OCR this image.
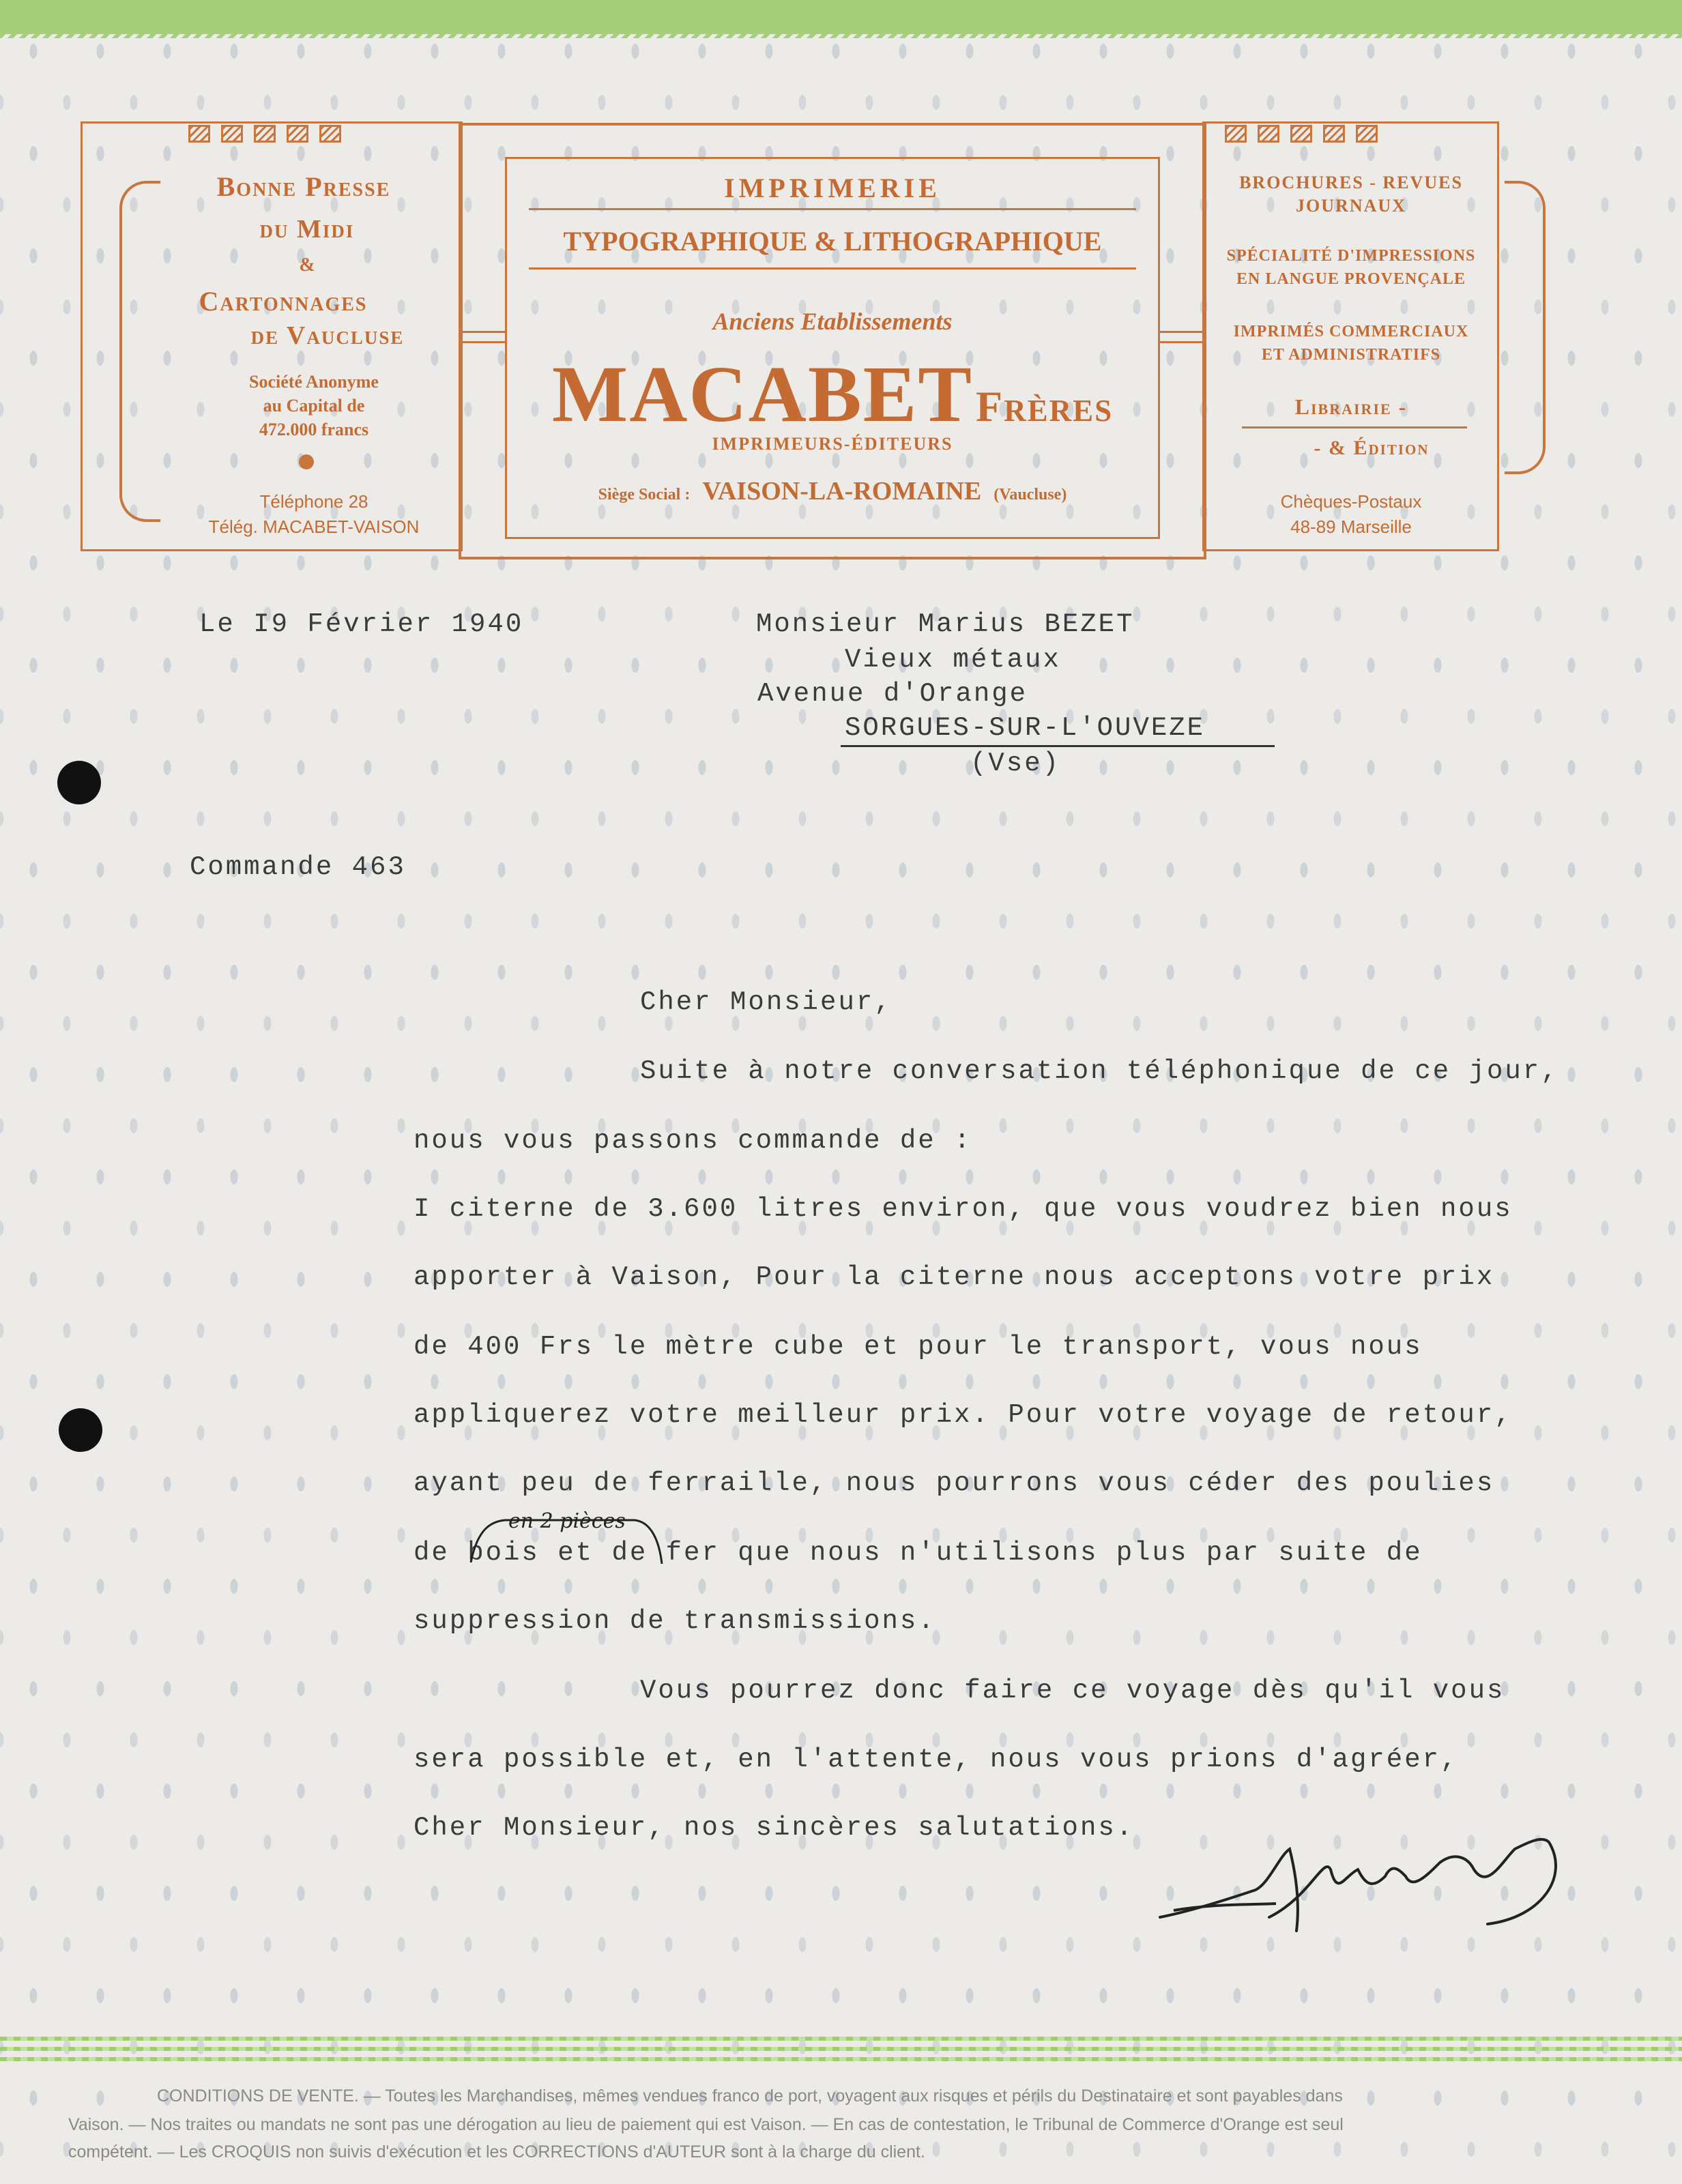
Bonne Presse
du Midi
&
Cartonnages
de Vaucluse
Société Anonyme
au Capital de
472.000 francs
Téléphone 28
Télég. MACABET-VAISON
IMPRIMERIE
TYPOGRAPHIQUE & LITHOGRAPHIQUE
Anciens Etablissements
MACABET Frères
IMPRIMEURS-ÉDITEURS
Siège Social : VAISON-LA-ROMAINE (Vaucluse)
BROCHURES - REVUES
JOURNAUX
SPÉCIALITÉ D'IMPRESSIONS
EN LANGUE PROVENÇALE
IMPRIMÉS COMMERCIAUX
ET ADMINISTRATIFS
Librairie -
- & Édition
Chèques-Postaux
48-89 Marseille
Le I9 Février 1940	Monsieur Marius BEZET
Vieux métaux
Avenue d'Orange
SORGUES-SUR-L'OUVEZE
(Vse)
Commande 463
Cher Monsieur,
Suite à notre conversation téléphonique de ce jour,
nous vous passons commande de :
I citerne de 3.600 litres environ, que vous voudrez bien nous
apporter à Vaison, Pour la citerne nous acceptons votre prix
de 400 Frs le mètre cube et pour le transport, vous nous
appliquerez votre meilleur prix. Pour votre voyage de retour,
ayant peu de ferraille, nous pourrons vous céder des poulies
de bois et de fer que nous n'utilisons plus par suite de
suppression de transmissions.
Vous pourrez donc faire ce voyage dès qu'il vous
sera possible et, en l'attente, nous vous prions d'agréer,
Cher Monsieur, nos sincères salutations.
en 2 pièces
CONDITIONS DE VENTE. — Toutes les Marchandises, mêmes vendues franco de port, voyagent aux risques et périls du Destinataire et sont payables dans
Vaison. — Nos traites ou mandats ne sont pas une dérogation au lieu de paiement qui est Vaison. — En cas de contestation, le Tribunal de Commerce d'Orange est seul
compétent. — Les CROQUIS non suivis d'exécution et les CORRECTIONS d'AUTEUR sont à la charge du client.
